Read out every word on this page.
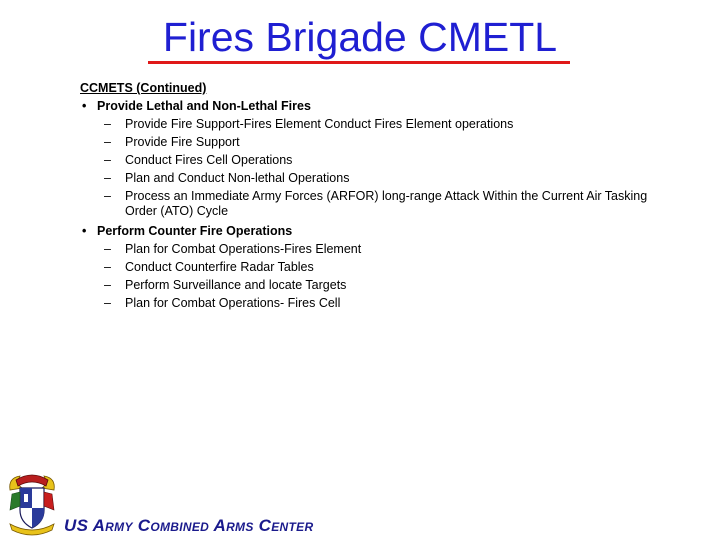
Fires Brigade CMETL
CCMETS (Continued)
• Provide Lethal and Non-Lethal Fires
– Provide Fire Support-Fires Element Conduct Fires Element operations
– Provide Fire Support
– Conduct Fires Cell Operations
– Plan and Conduct Non-lethal Operations
– Process an Immediate Army Forces (ARFOR) long-range Attack Within the Current Air Tasking Order (ATO) Cycle
• Perform Counter Fire Operations
– Plan for Combat Operations-Fires Element
– Conduct Counterfire Radar Tables
– Perform Surveillance and locate Targets
– Plan for Combat Operations- Fires Cell
US Army Combined Arms Center
